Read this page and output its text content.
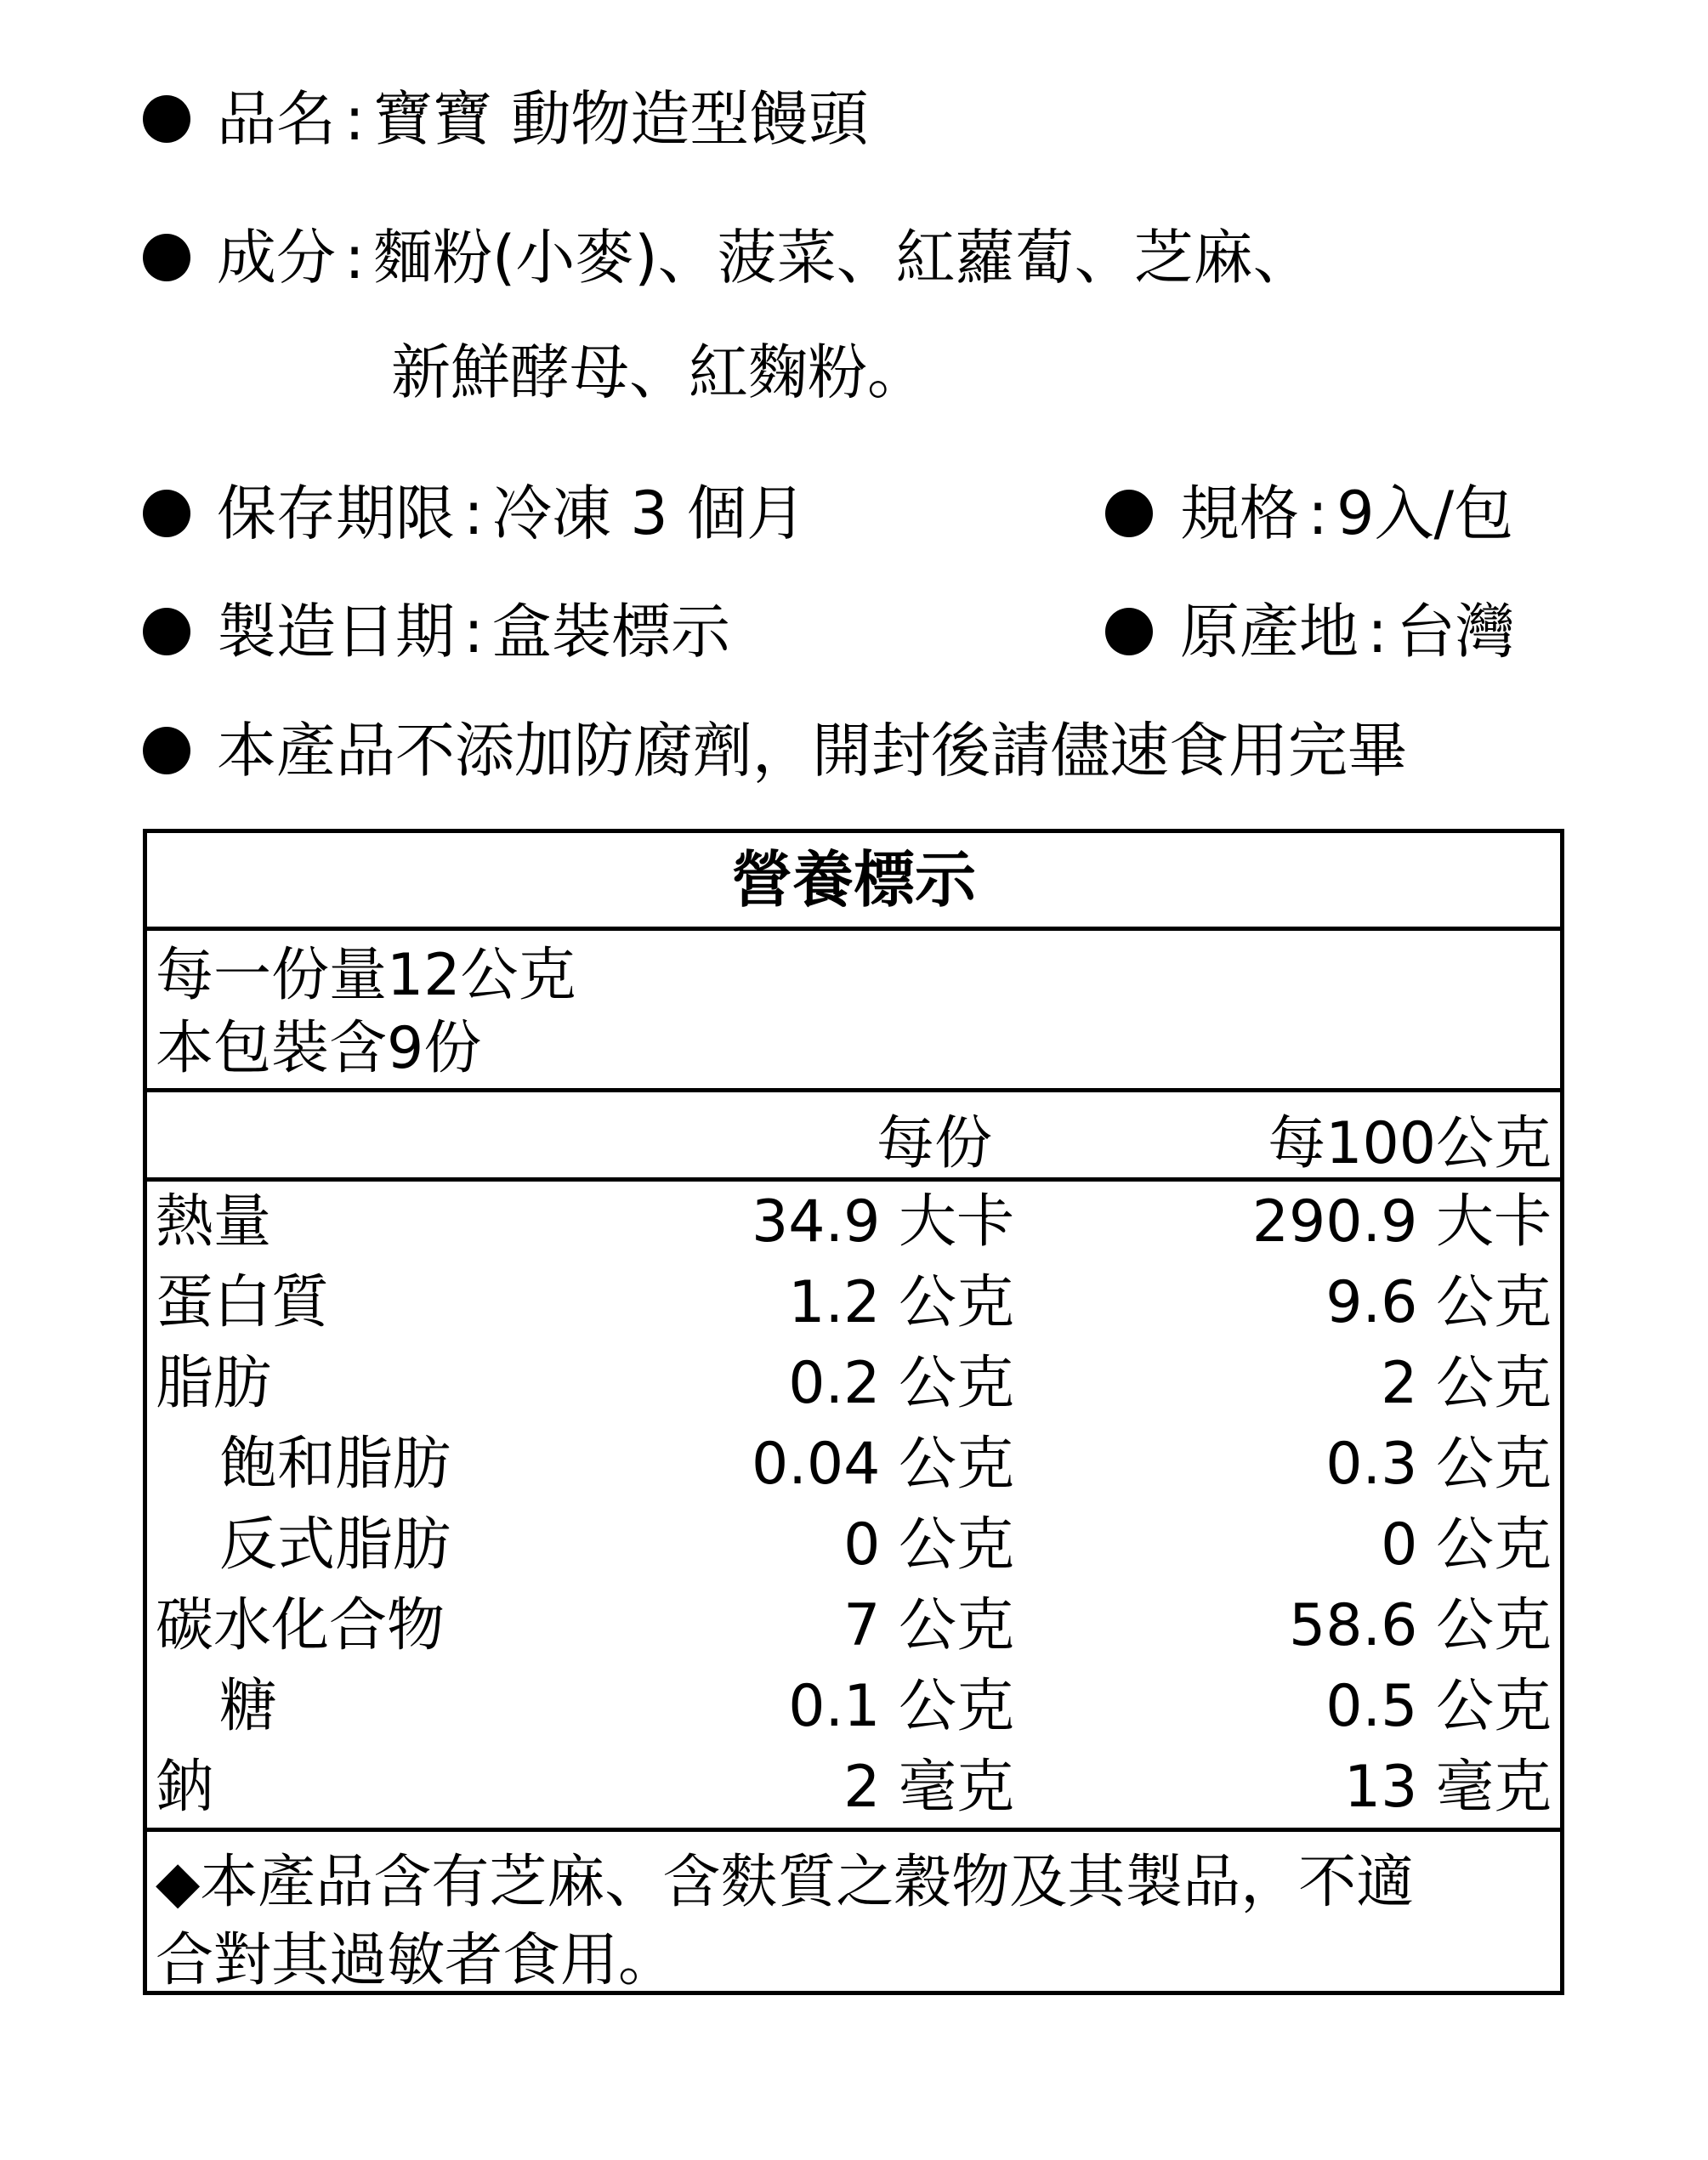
品名 : 寶寶 動物造型饅頭
成分 : 麵粉(小麥)、菠菜、紅蘿蔔、芝麻、
新鮮酵母、紅麴粉。
保存期限 : 冷凍 3 個月	規格 : 9入/包
製造日期 : 盒裝標示	原產地 : 台灣
本產品不添加防腐劑，開封後請儘速食用完畢
營養標示
每一份量12公克
本包裝含9份
每份	每100公克
熱量	34.9 大卡	290.9 大卡
蛋白質	1.2 公克	9.6 公克
脂肪	0.2 公克	2 公克
飽和脂肪	0.04 公克	0.3 公克
反式脂肪	0 公克	0 公克
碳水化合物	7 公克	58.6 公克
糖	0.1 公克	0.5 公克
鈉	2 毫克	13 毫克
◆本產品含有芝麻、含麩質之穀物及其製品，不適
合對其過敏者食用。
